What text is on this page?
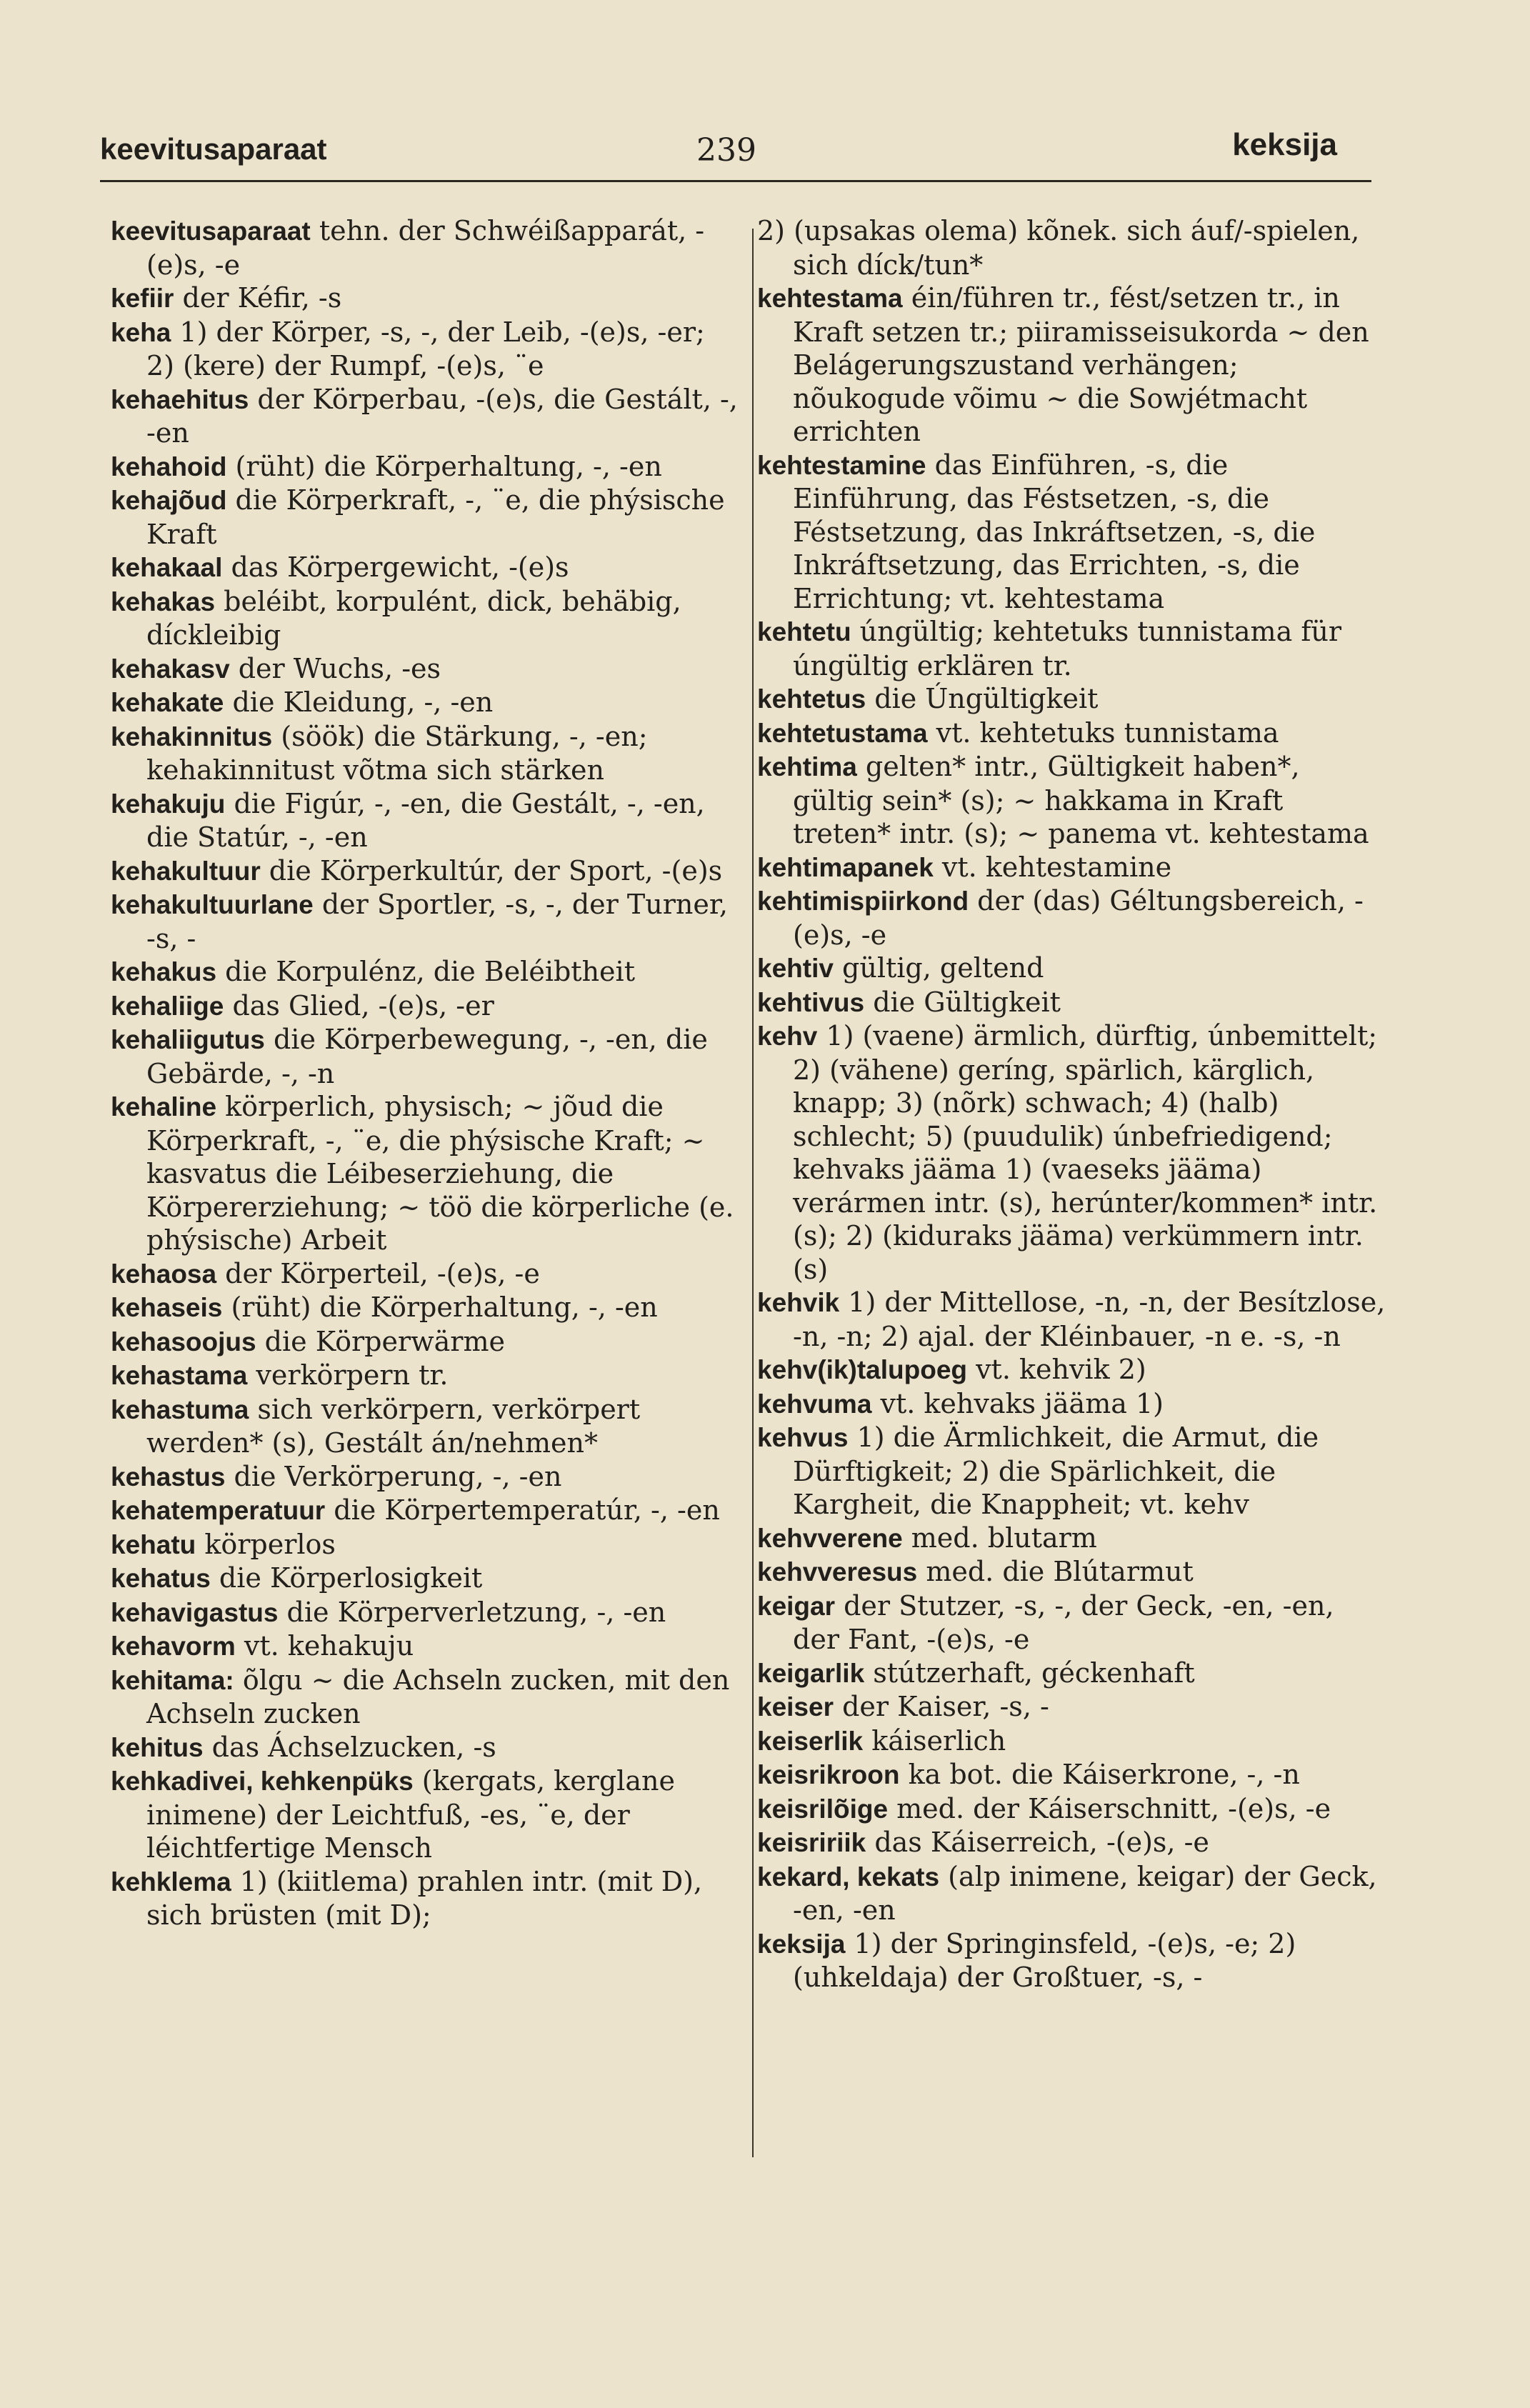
keevitusaparaat	239	keksija
keevitusaparaat tehn. der Schwéißapparát, -(e)s, -e
kefiir der Kéfir, -s
keha 1) der Körper, -s, -, der Leib, -(e)s, -er; 2) (kere) der Rumpf, -(e)s, ¨e
kehaehitus der Körperbau, -(e)s, die Gestált, -, -en
kehahoid (rüht) die Körperhaltung, -, -en
kehajõud die Körperkraft, -, ¨e, die phýsische Kraft
kehakaal das Körpergewicht, -(e)s
kehakas beléibt, korpulént, dick, behäbig, díckleibig
kehakasv der Wuchs, -es
kehakate die Kleidung, -, -en
kehakinnitus (söök) die Stärkung, -, -en; kehakinnitust võtma sich stärken
kehakuju die Figúr, -, -en, die Gestált, -, -en, die Statúr, -, -en
kehakultuur die Körperkultúr, der Sport, -(e)s
kehakultuurlane der Sportler, -s, -, der Turner, -s, -
kehakus die Korpulénz, die Beléibtheit
kehaliige das Glied, -(e)s, -er
kehaliigutus die Körperbewegung, -, -en, die Gebärde, -, -n
kehaline körperlich, physisch; ~ jõud die Körperkraft, -, ¨e, die phýsische Kraft; ~ kasvatus die Léibeserziehung, die Körpererziehung; ~ töö die körperliche (e. phýsische) Arbeit
kehaosa der Körperteil, -(e)s, -e
kehaseis (rüht) die Körperhaltung, -, -en
kehasoojus die Körperwärme
kehastama verkörpern tr.
kehastuma sich verkörpern, verkörpert werden* (s), Gestált án/nehmen*
kehastus die Verkörperung, -, -en
kehatemperatuur die Körpertemperatúr, -, -en
kehatu körperlos
kehatus die Körperlosigkeit
kehavigastus die Körperverletzung, -, -en
kehavorm vt. kehakuju
kehitama: õlgu ~ die Achseln zucken, mit den Achseln zucken
kehitus das Áchselzucken, -s
kehkadivei, kehkenpüks (kergats, kerglane inimene) der Leichtfuß, -es, ¨e, der léichtfertige Mensch
kehklema 1) (kiitlema) prahlen intr. (mit D), sich brüsten (mit D);
2) (upsakas olema) kõnek. sich áuf/-spielen, sich díck/tun*
kehtestama éin/führen tr., fést/setzen tr., in Kraft setzen tr.; piiramisseisukorda ~ den Belágerungszustand verhängen; nõukogude võimu ~ die Sowjétmacht errichten
kehtestamine das Einführen, -s, die Einführung, das Féstsetzen, -s, die Féstsetzung, das Inkráftsetzen, -s, die Inkráftsetzung, das Errichten, -s, die Errichtung; vt. kehtestama
kehtetu úngültig; kehtetuks tunnistama für úngültig erklären tr.
kehtetus die Úngültigkeit
kehtetustama vt. kehtetuks tunnistama
kehtima gelten* intr., Gültigkeit haben*, gültig sein* (s); ~ hakkama in Kraft treten* intr. (s); ~ panema vt. kehtestama
kehtimapanek vt. kehtestamine
kehtimispiirkond der (das) Géltungsbereich, -(e)s, -e
kehtiv gültig, geltend
kehtivus die Gültigkeit
kehv 1) (vaene) ärmlich, dürftig, únbemittelt; 2) (vähene) geríng, spärlich, kärglich, knapp; 3) (nõrk) schwach; 4) (halb) schlecht; 5) (puudulik) únbefriedigend; kehvaks jääma 1) (vaeseks jääma) verármen intr. (s), herúnter/kommen* intr. (s); 2) (kiduraks jääma) verkümmern intr. (s)
kehvik 1) der Mittellose, -n, -n, der Besítzlose, -n, -n; 2) ajal. der Kléinbauer, -n e. -s, -n
kehv(ik)talupoeg vt. kehvik 2)
kehvuma vt. kehvaks jääma 1)
kehvus 1) die Ärmlichkeit, die Armut, die Dürftigkeit; 2) die Spärlichkeit, die Kargheit, die Knappheit; vt. kehv
kehvverene med. blutarm
kehvveresus med. die Blútarmut
keigar der Stutzer, -s, -, der Geck, -en, -en, der Fant, -(e)s, -e
keigarlik stútzerhaft, géckenhaft
keiser der Kaiser, -s, -
keiserlik káiserlich
keisrikroon ka bot. die Káiserkrone, -, -n
keisrilõige med. der Káiserschnitt, -(e)s, -e
keisririik das Káiserreich, -(e)s, -e
kekard, kekats (alp inimene, keigar) der Geck, -en, -en
keksija 1) der Springinsfeld, -(e)s, -e; 2) (uhkeldaja) der Großtuer, -s, -
